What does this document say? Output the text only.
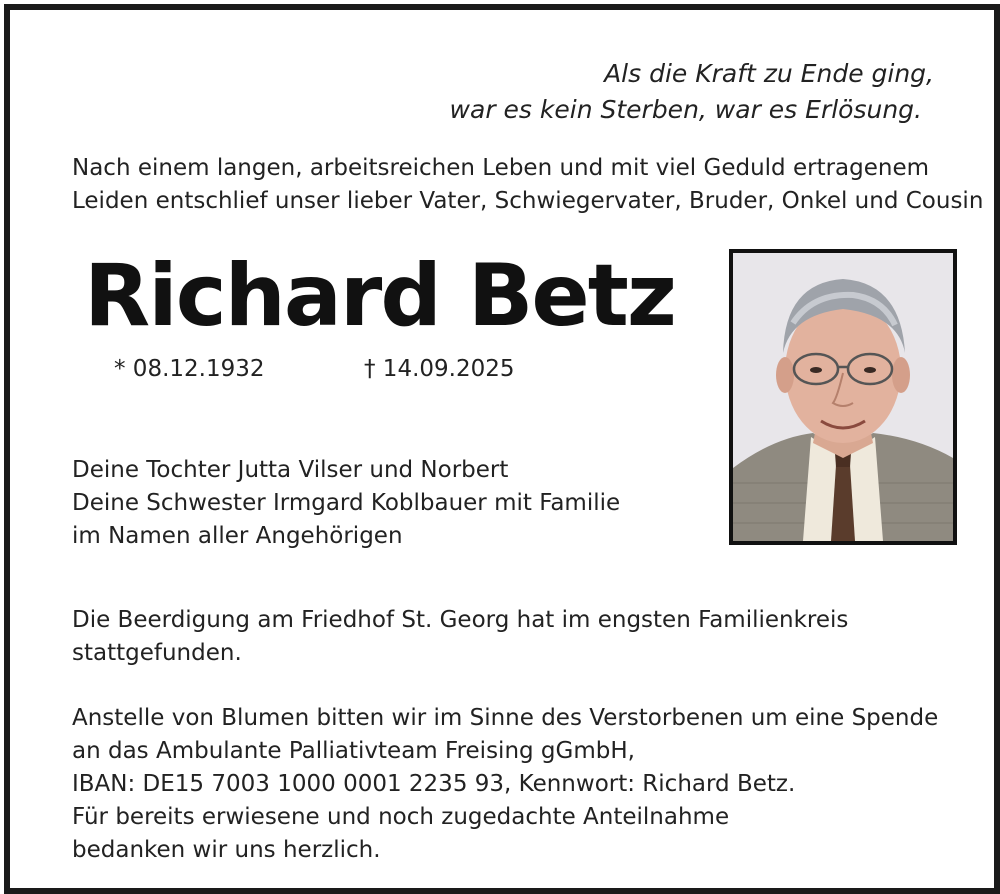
Als die Kraft zu Ende ging,
war es kein Sterben, war es Erlösung.
Nach einem langen, arbeitsreichen Leben und mit viel Geduld ertragenem
Leiden entschlief unser lieber Vater, Schwiegervater, Bruder, Onkel und Cousin
Richard Betz
* 08.12.1932	† 14.09.2025
Deine Tochter Jutta Vilser und Norbert
Deine Schwester Irmgard Koblbauer mit Familie
im Namen aller Angehörigen
Die Beerdigung am Friedhof St. Georg hat im engsten Familienkreis
stattgefunden.
Anstelle von Blumen bitten wir im Sinne des Verstorbenen um eine Spende
an das Ambulante Palliativteam Freising gGmbH,
IBAN: DE15 7003 1000 0001 2235 93, Kennwort: Richard Betz.
Für bereits erwiesene und noch zugedachte Anteilnahme
bedanken wir uns herzlich.
